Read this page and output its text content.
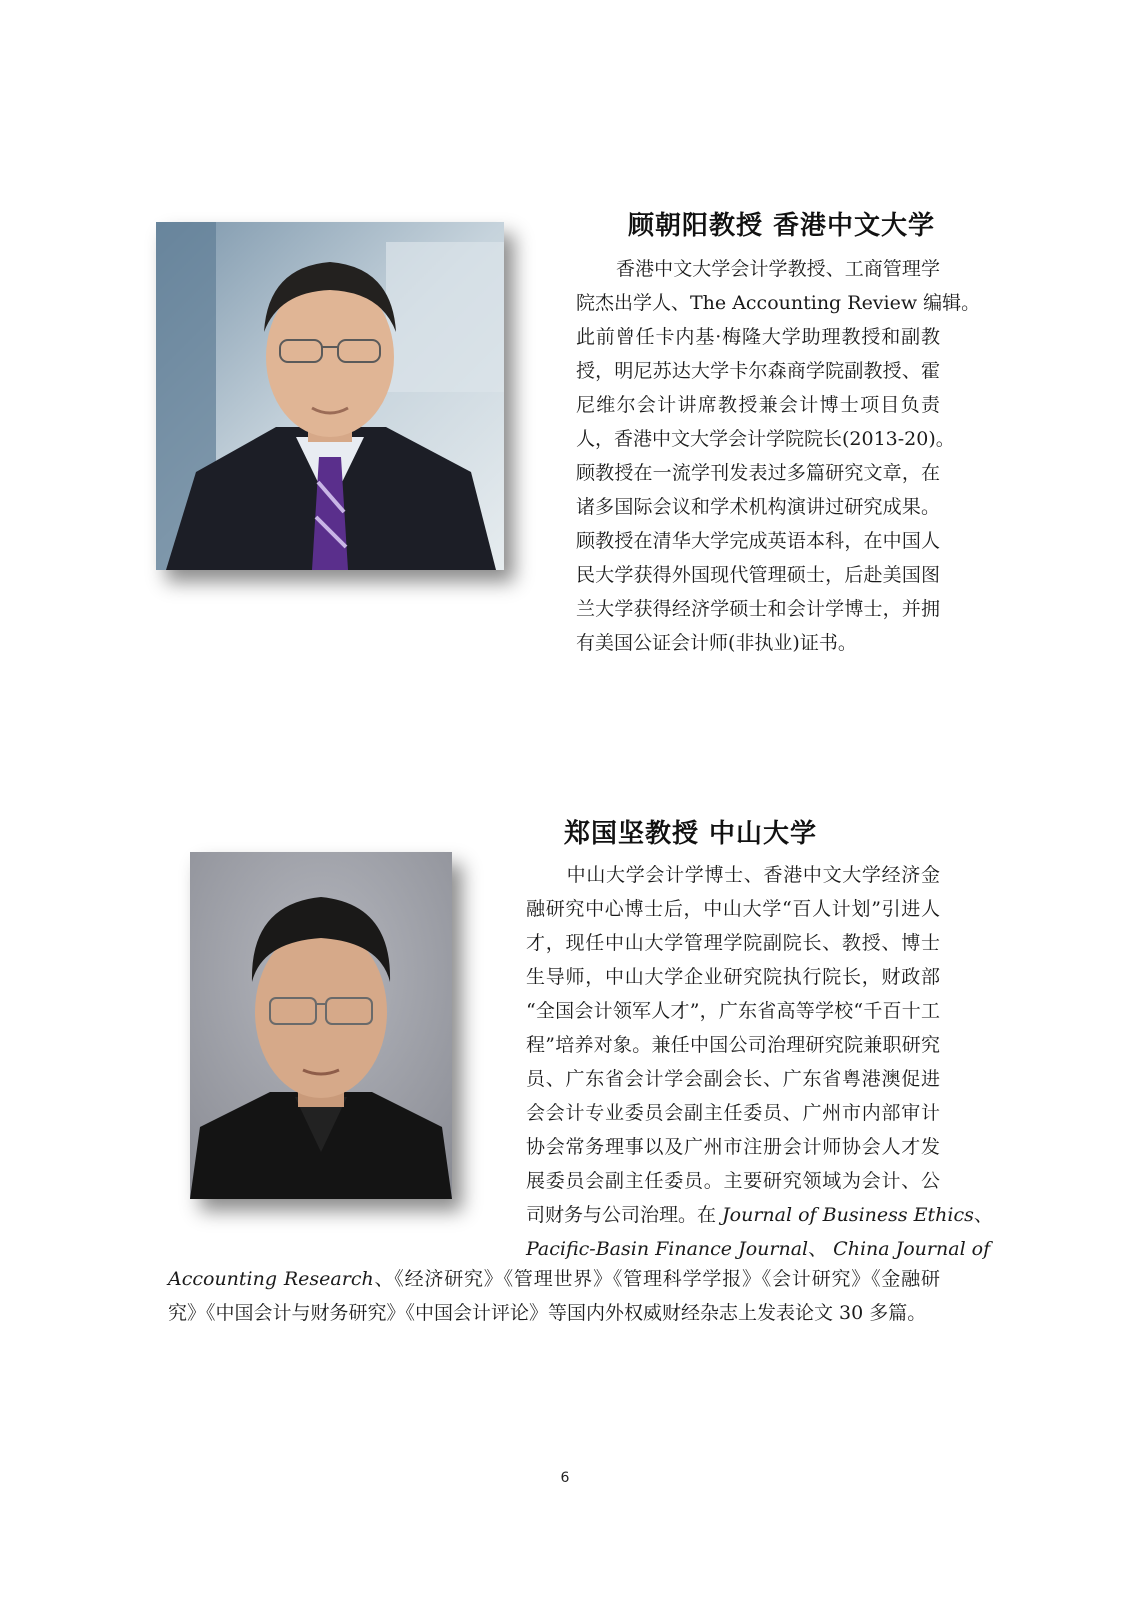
顾朝阳教授 香港中文大学
香港中文大学会计学教授、工商管理学
院杰出学人、The Accounting Review 编辑。
此前曾任卡内基·梅隆大学助理教授和副教
授，明尼苏达大学卡尔森商学院副教授、霍
尼维尔会计讲席教授兼会计博士项目负责
人，香港中文大学会计学院院长(2013-20)。
顾教授在一流学刊发表过多篇研究文章，在
诸多国际会议和学术机构演讲过研究成果。
顾教授在清华大学完成英语本科，在中国人
民大学获得外国现代管理硕士，后赴美国图
兰大学获得经济学硕士和会计学博士，并拥
有美国公证会计师(非执业)证书。
郑国坚教授 中山大学
中山大学会计学博士、香港中文大学经济金
融研究中心博士后，中山大学“百人计划”引进人
才，现任中山大学管理学院副院长、教授、博士
生导师，中山大学企业研究院执行院长，财政部
“全国会计领军人才”，广东省高等学校“千百十工
程”培养对象。兼任中国公司治理研究院兼职研究
员、广东省会计学会副会长、广东省粤港澳促进
会会计专业委员会副主任委员、广州市内部审计
协会常务理事以及广州市注册会计师协会人才发
展委员会副主任委员。主要研究领域为会计、公
司财务与公司治理。在 Journal of Business Ethics、
Pacific-Basin Finance Journal、 China Journal of
Accounting Research、《经济研究》《管理世界》《管理科学学报》《会计研究》《金融研
究》《中国会计与财务研究》《中国会计评论》等国内外权威财经杂志上发表论文 30 多篇。
6
